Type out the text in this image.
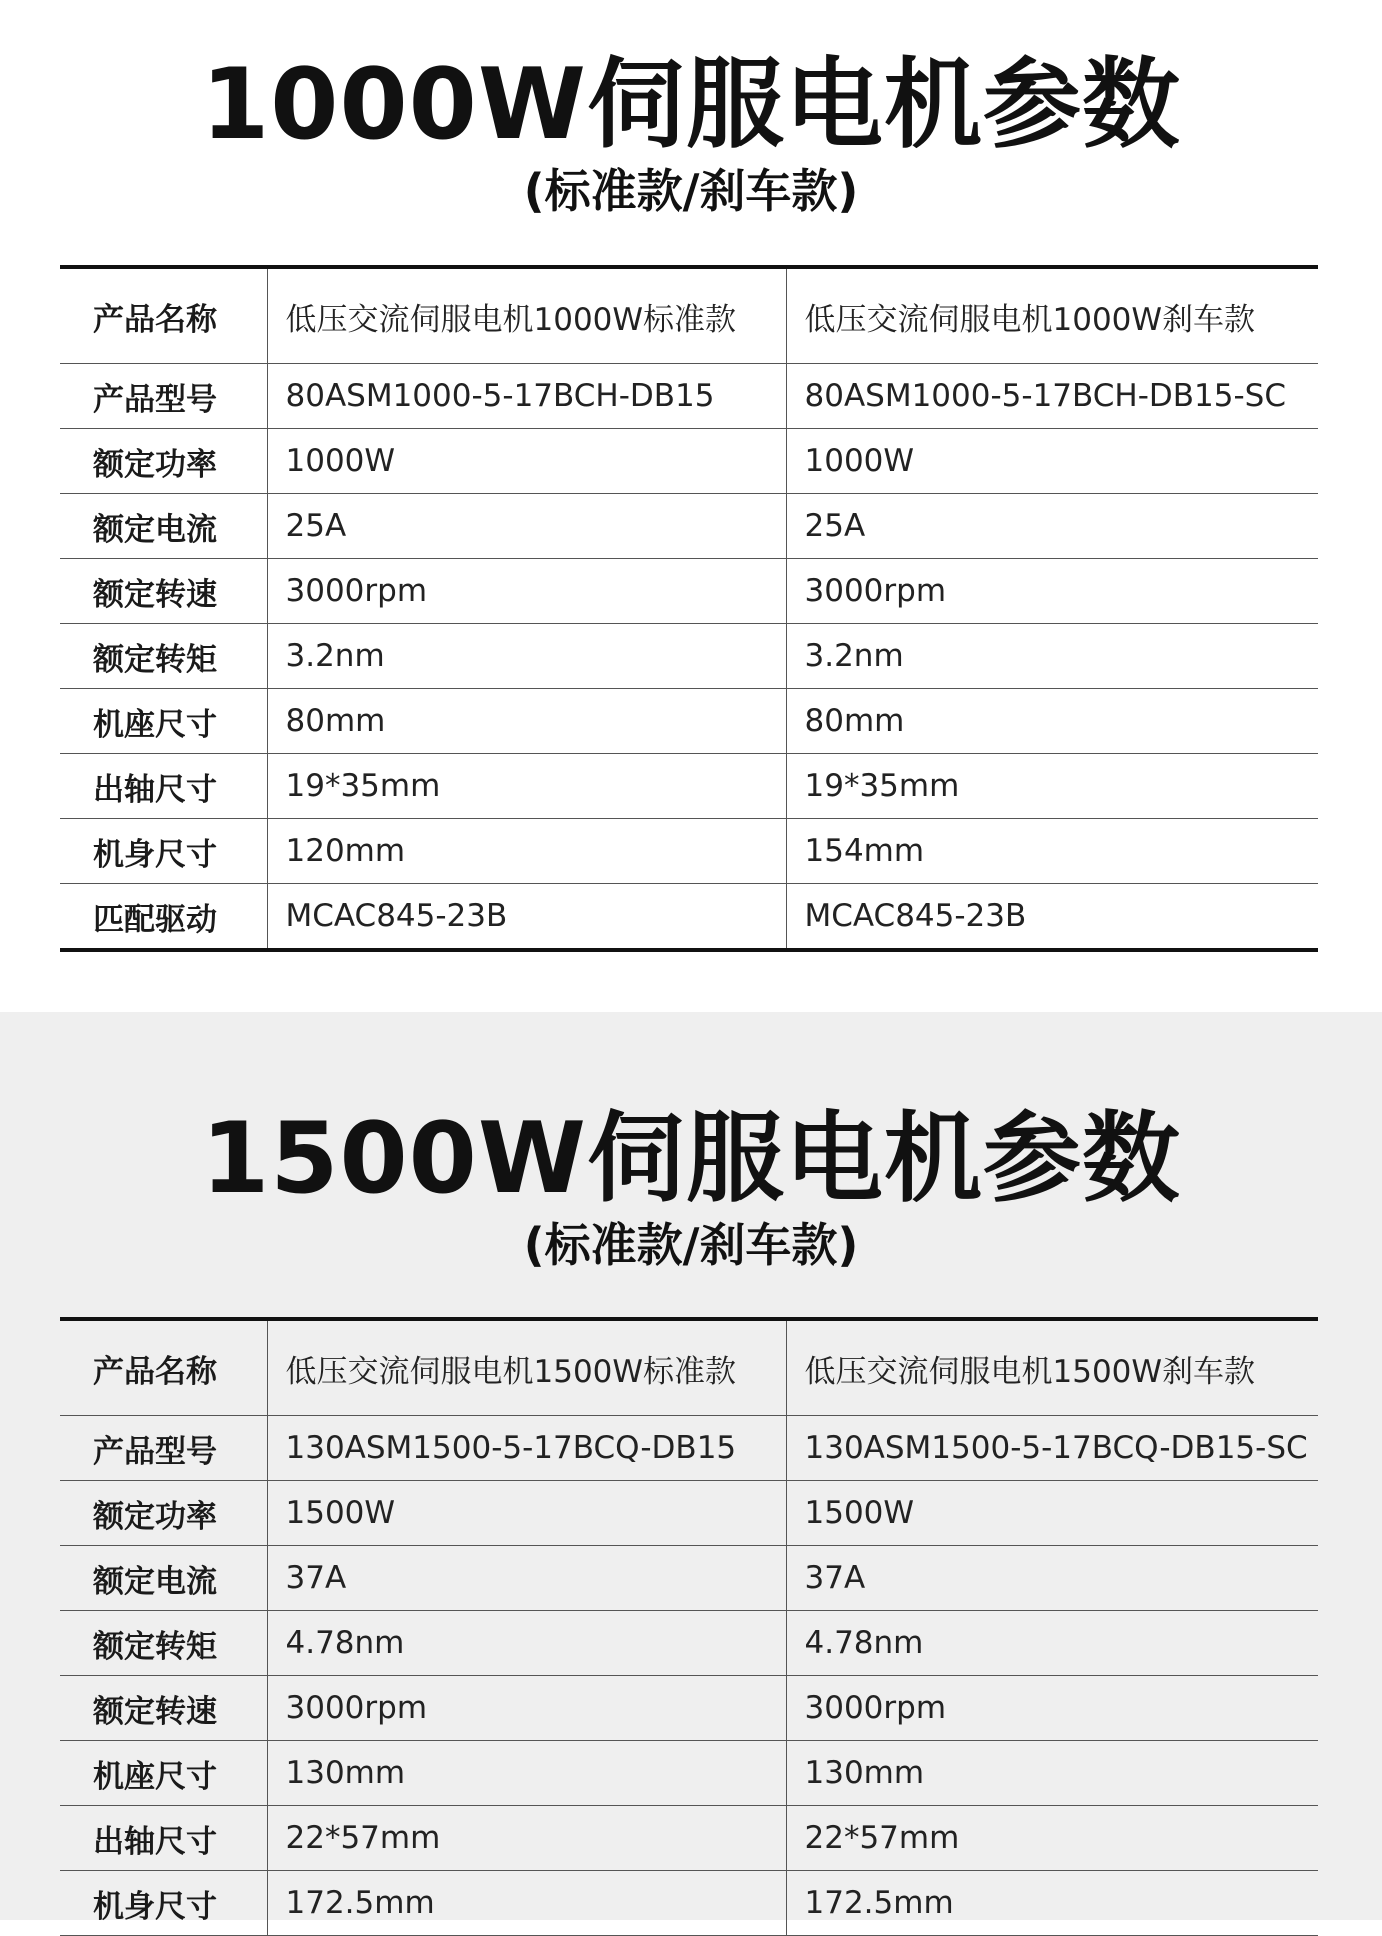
1000W伺服电机参数
(标准款/刹车款)
产品名称	低压交流伺服电机1000W标准款	低压交流伺服电机1000W刹车款
产品型号	80ASM1000-5-17BCH-DB15	80ASM1000-5-17BCH-DB15-SC
额定功率	1000W	1000W
额定电流	25A	25A
额定转速	3000rpm	3000rpm
额定转矩	3.2nm	3.2nm
机座尺寸	80mm	80mm
出轴尺寸	19*35mm	19*35mm
机身尺寸	120mm	154mm
匹配驱动	MCAC845-23B	MCAC845-23B
1500W伺服电机参数
(标准款/刹车款)
产品名称	低压交流伺服电机1500W标准款	低压交流伺服电机1500W刹车款
产品型号	130ASM1500-5-17BCQ-DB15	130ASM1500-5-17BCQ-DB15-SC
额定功率	1500W	1500W
额定电流	37A	37A
额定转矩	4.78nm	4.78nm
额定转速	3000rpm	3000rpm
机座尺寸	130mm	130mm
出轴尺寸	22*57mm	22*57mm
机身尺寸	172.5mm	172.5mm
